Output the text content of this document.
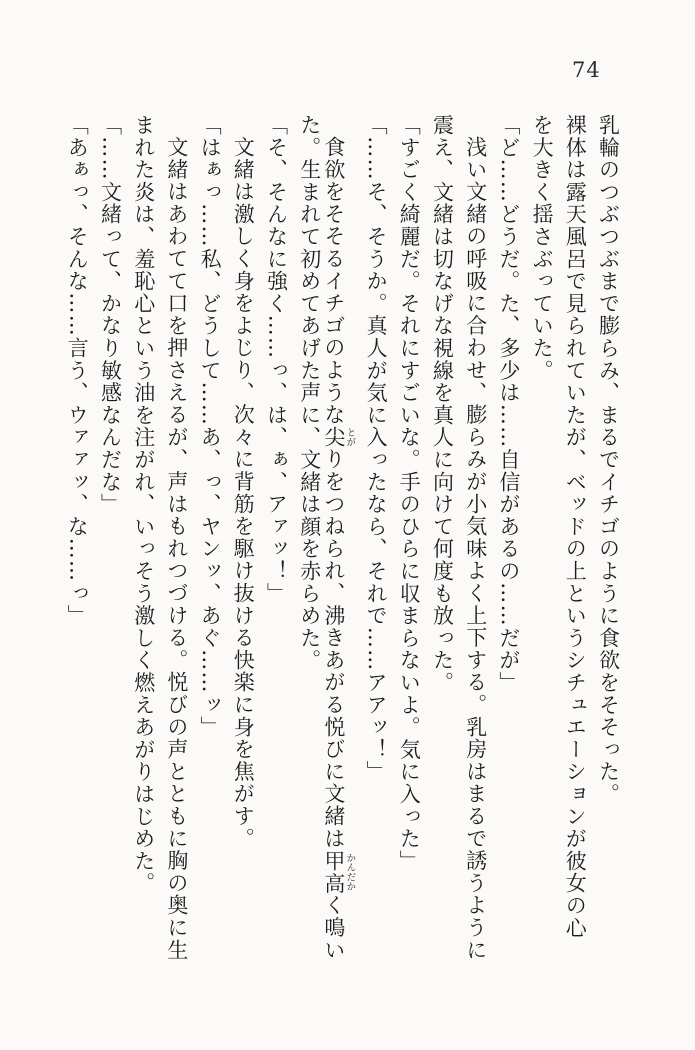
74
乳輪のつぶつぶまで膨らみ、まるでイチゴのように食欲をそそった。
裸体は露天風呂で見られていたが、ベッドの上というシチュエーションが彼女の心
を大きく揺さぶっていた。
「ど……どうだ。た、多少は……自信があるの……だが」
浅い文緒の呼吸に合わせ、膨らみが小気味よく上下する。乳房はまるで誘うように
震え、文緒は切なげな視線を真人に向けて何度も放った。
「すごく綺麗だ。それにすごいな。手のひらに収まらないよ。気に入った」
「……そ、そうか。真人が気に入ったなら、それで……アアッ！」
食欲をそそるイチゴのような尖とがりをつねられ、沸きあがる悦びに文緒は甲高かんだかく鳴い
た。生まれて初めてあげた声に、文緒は顔を赤らめた。
「そ、そんなに強く……っ、は、ぁ、アァッ！」
文緒は激しく身をよじり、次々に背筋を駆け抜ける快楽に身を焦がす。
「はぁっ……私、どうして……あ、っ、ヤンッ、あぐ……ッ」
文緒はあわてて口を押さえるが、声はもれつづける。悦びの声とともに胸の奥に生
まれた炎は、羞恥心という油を注がれ、いっそう激しく燃えあがりはじめた。
「……文緒って、かなり敏感なんだな」
「あぁっ、そんな……言う、ウァァッ、な……っ」
